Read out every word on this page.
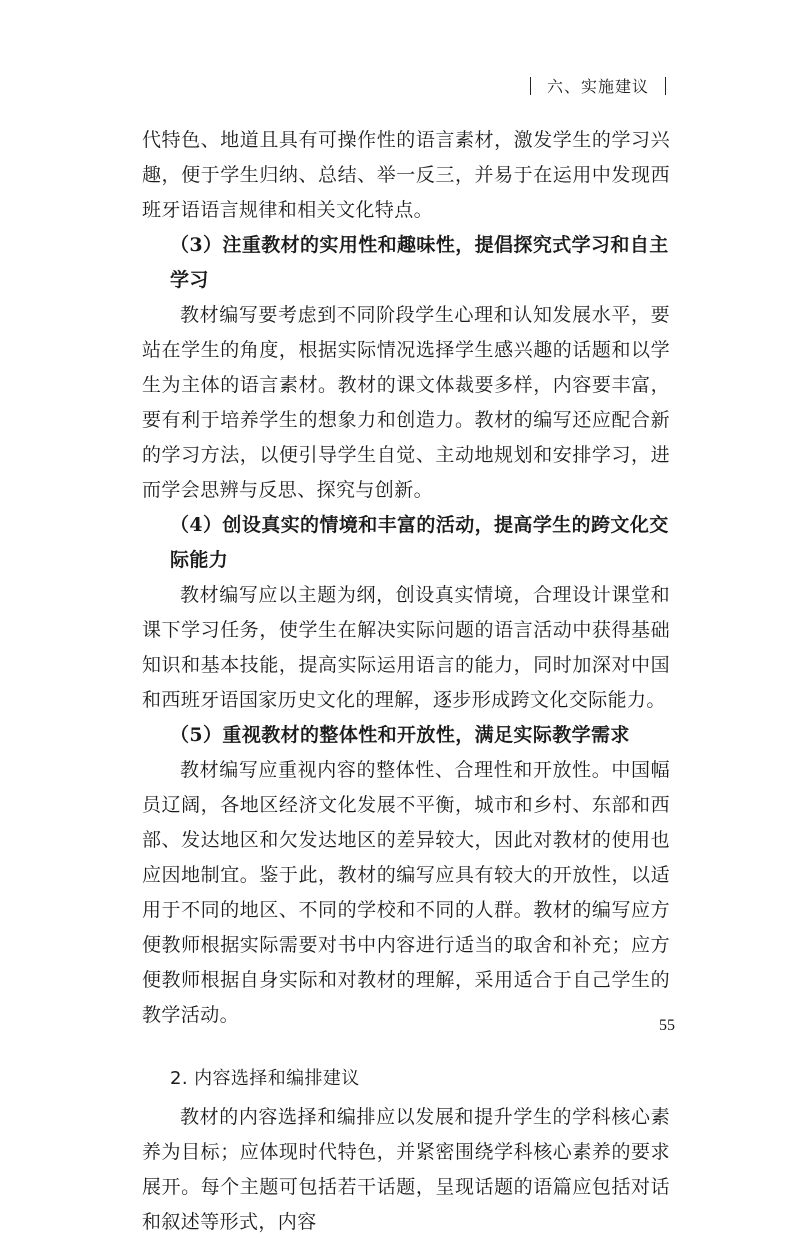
六、实施建议

代特色、地道且具有可操作性的语言素材，激发学生的学习兴趣，便于学生归纳、总结、举一反三，并易于在运用中发现西班牙语语言规律和相关文化特点。

（3）注重教材的实用性和趣味性，提倡探究式学习和自主学习

教材编写要考虑到不同阶段学生心理和认知发展水平，要站在学生的角度，根据实际情况选择学生感兴趣的话题和以学生为主体的语言素材。教材的课文体裁要多样，内容要丰富，要有利于培养学生的想象力和创造力。教材的编写还应配合新的学习方法，以便引导学生自觉、主动地规划和安排学习，进而学会思辨与反思、探究与创新。

（4）创设真实的情境和丰富的活动，提高学生的跨文化交际能力

教材编写应以主题为纲，创设真实情境，合理设计课堂和课下学习任务，使学生在解决实际问题的语言活动中获得基础知识和基本技能，提高实际运用语言的能力，同时加深对中国和西班牙语国家历史文化的理解，逐步形成跨文化交际能力。

（5）重视教材的整体性和开放性，满足实际教学需求

教材编写应重视内容的整体性、合理性和开放性。中国幅员辽阔，各地区经济文化发展不平衡，城市和乡村、东部和西部、发达地区和欠发达地区的差异较大，因此对教材的使用也应因地制宜。鉴于此，教材的编写应具有较大的开放性，以适用于不同的地区、不同的学校和不同的人群。教材的编写应方便教师根据实际需要对书中内容进行适当的取舍和补充；应方便教师根据自身实际和对教材的理解，采用适合于自己学生的教学活动。

2. 内容选择和编排建议

教材的内容选择和编排应以发展和提升学生的学科核心素养为目标；应体现时代特色，并紧密围绕学科核心素养的要求展开。每个主题可包括若干话题，呈现话题的语篇应包括对话和叙述等形式，内容

55
